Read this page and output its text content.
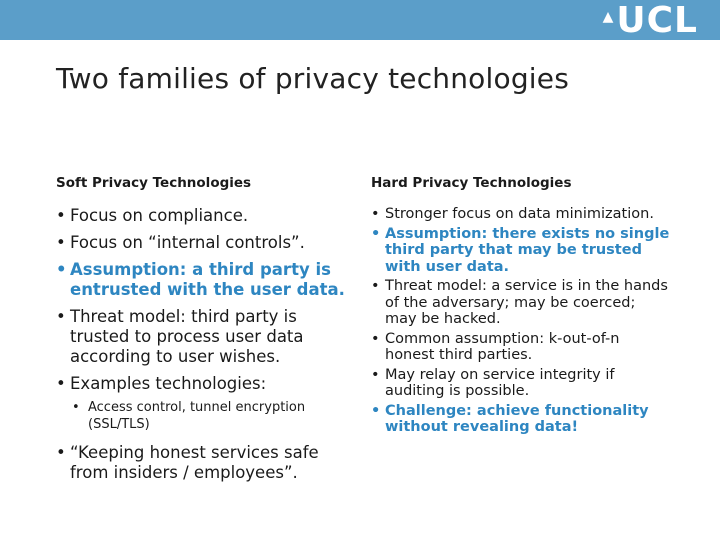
▲ UCL
Two families of privacy technologies
Soft Privacy Technologies
• Focus on compliance.
• Focus on “internal controls”.
• Assumption: a third party is entrusted with the user data.
• Threat model: third party is trusted to process user data according to user wishes.
• Examples technologies:
• Access control, tunnel encryption (SSL/TLS)
• “Keeping honest services safe from insiders / employees”.
Hard Privacy Technologies
• Stronger focus on data minimization.
• Assumption: there exists no single third party that may be trusted with user data.
• Threat model: a service is in the hands of the adversary; may be coerced; may be hacked.
• Common assumption: k-out-of-n honest third parties.
• May relay on service integrity if auditing is possible.
• Challenge: achieve functionality without revealing data!
